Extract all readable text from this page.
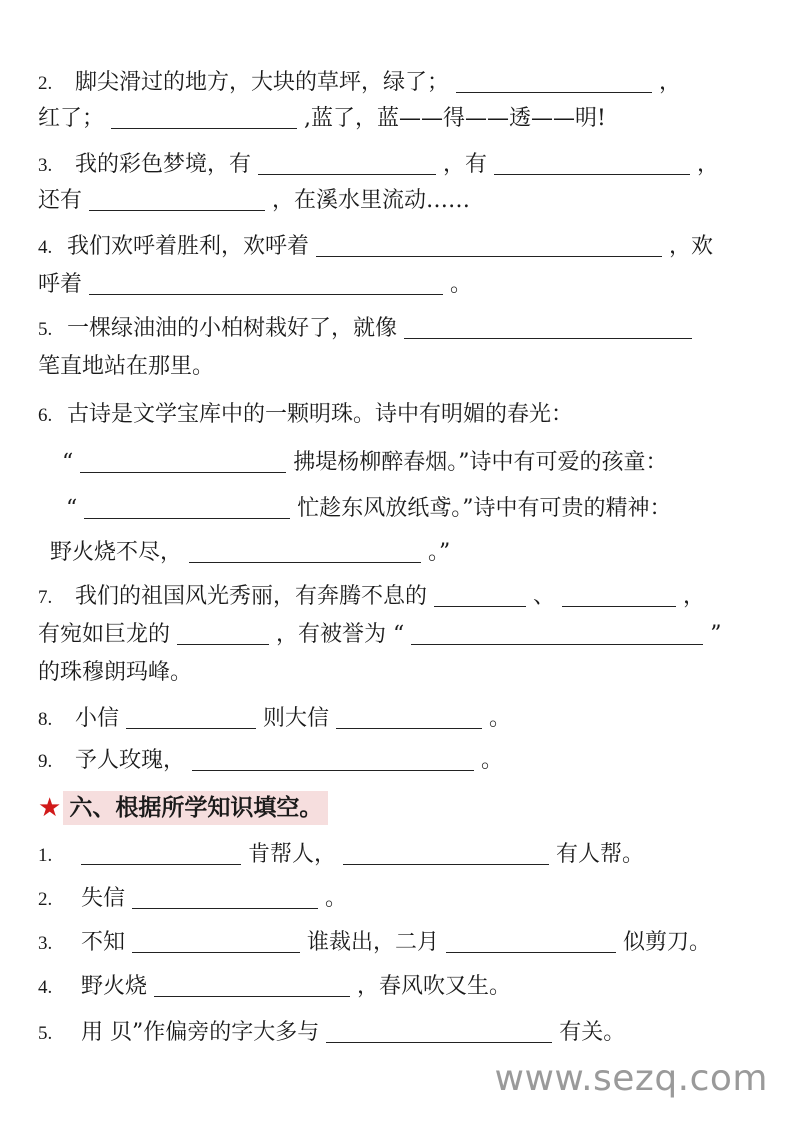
2. 脚尖滑过的地方，大块的草坪，绿了；	，
红了；	,蓝了，蓝——得——透——明!
3. 我的彩色梦境，有	，有	，
还有	，在溪水里流动……
4. 我们欢呼着胜利，欢呼着	，欢
呼着	。
5. 一棵绿油油的小柏树栽好了，就像
笔直地站在那里。
6. 古诗是文学宝库中的一颗明珠。诗中有明媚的春光：
“	拂堤杨柳醉春烟。”诗中有可爱的孩童：
“	忙趁东风放纸鸢。”诗中有可贵的精神：
野火烧不尽，	。”
7. 我们的祖国风光秀丽，有奔腾不息的	、	，
有宛如巨龙的	，有被誉为 “	”
的珠穆朗玛峰。
8. 小信	则大信	。
9. 予人玫瑰，	。
★ 六、根据所学知识填空。
1.	肯帮人，	有人帮。
2. 失信	。
3. 不知	谁裁出，二月	似剪刀。
4. 野火烧	，春风吹又生。
5. 用 贝”作偏旁的字大多与	有关。
www.sezq.com
